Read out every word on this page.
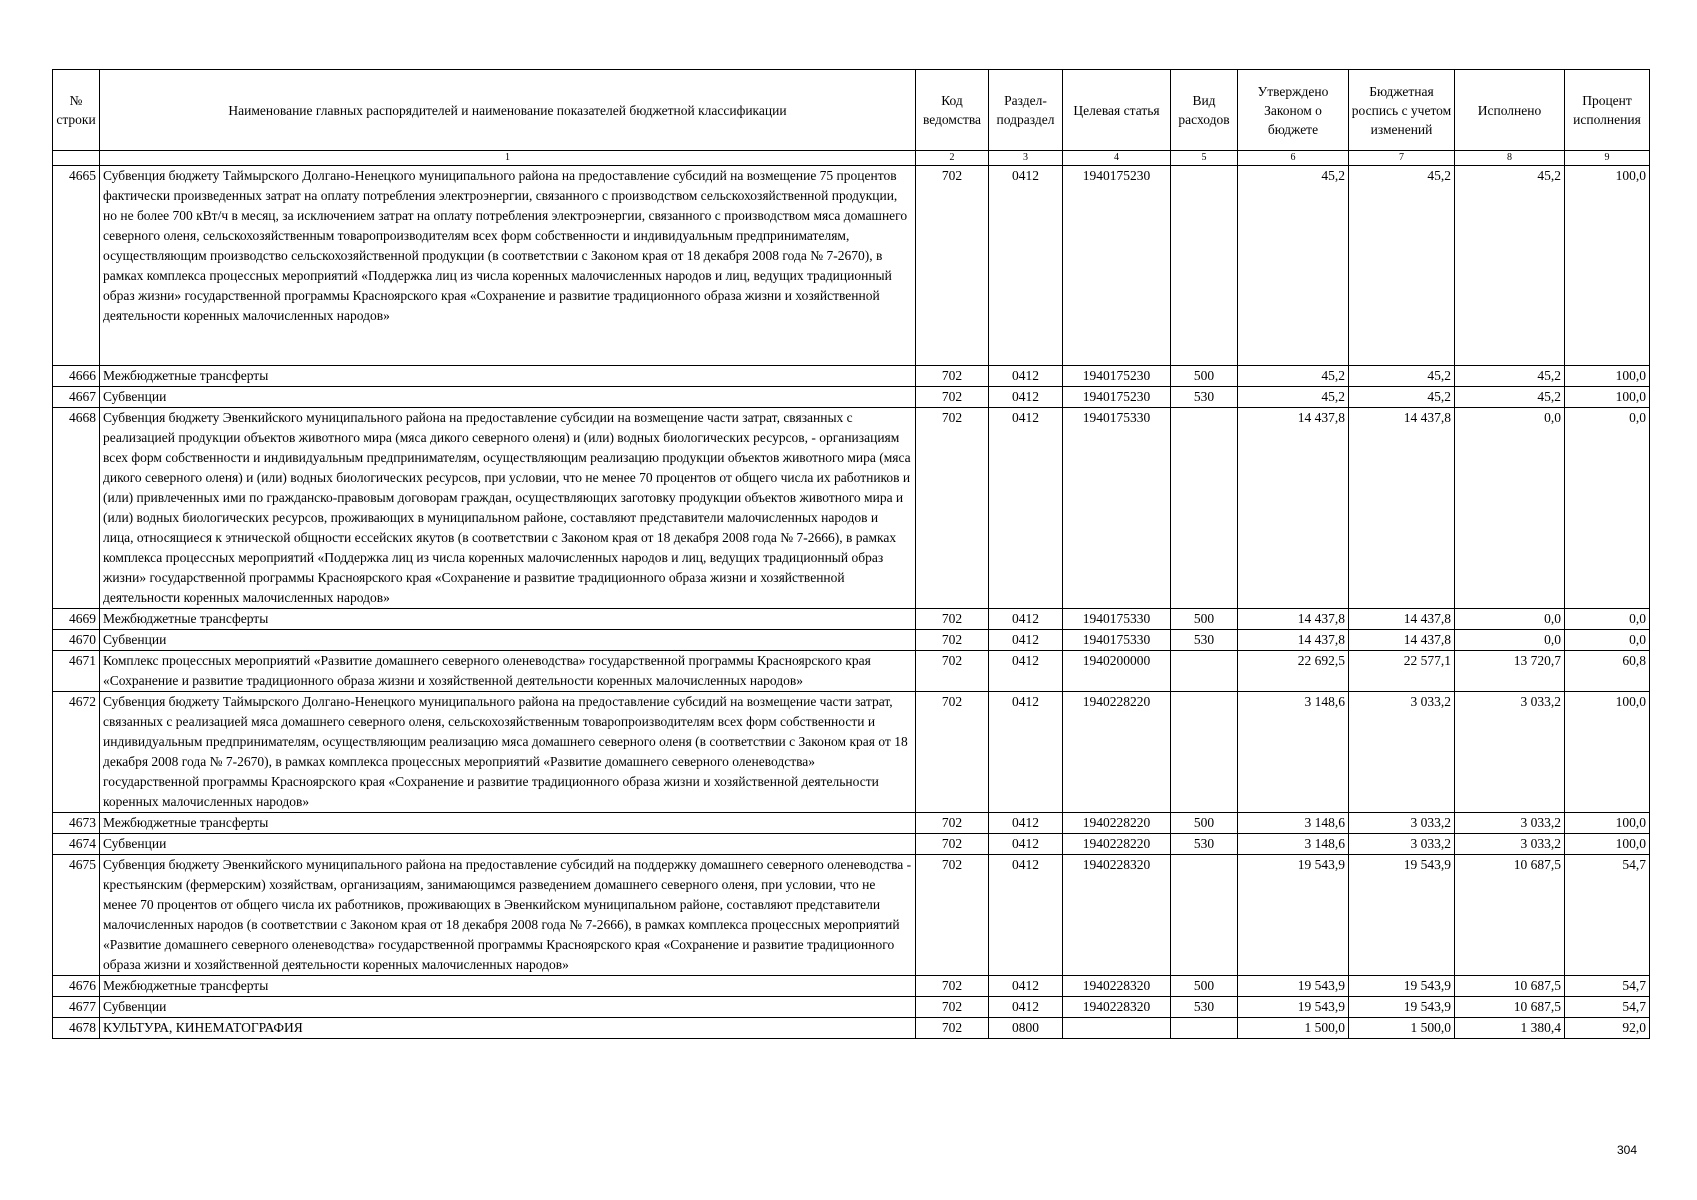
№ строки	Наименование главных распорядителей и наименование показателей бюджетной классификации	Код ведомства	Раздел-подраздел	Целевая статья	Вид расходов	Утверждено Законом о бюджете	Бюджетная роспись с учетом изменений	Исполнено	Процент исполнения
	1	2	3	4	5	6	7	8	9
4665	Субвенция бюджету Таймырского Долгано-Ненецкого муниципального района на предоставление субсидий на возмещение 75 процентов фактически произведенных затрат на оплату потребления электроэнергии, связанного с производством сельскохозяйственной продукции, но не более 700 кВт/ч в месяц, за исключением затрат на оплату потребления электроэнергии, связанного с производством мяса домашнего северного оленя, сельскохозяйственным товаропроизводителям всех форм собственности и индивидуальным предпринимателям, осуществляющим производство сельскохозяйственной продукции (в соответствии с Законом края от 18 декабря 2008 года № 7-2670), в рамках комплекса процессных мероприятий «Поддержка лиц из числа коренных малочисленных народов и лиц, ведущих традиционный образ жизни» государственной программы Красноярского края «Сохранение и развитие традиционного образа жизни и хозяйственной деятельности коренных малочисленных народов»	702	0412	1940175230		45,2	45,2	45,2	100,0
4666	Межбюджетные трансферты	702	0412	1940175230	500	45,2	45,2	45,2	100,0
4667	Субвенции	702	0412	1940175230	530	45,2	45,2	45,2	100,0
4668	Субвенция бюджету Эвенкийского муниципального района на предоставление субсидии на возмещение части затрат, связанных с реализацией продукции объектов животного мира (мяса дикого северного оленя) и (или) водных биологических ресурсов, - организациям всех форм собственности и индивидуальным предпринимателям, осуществляющим реализацию продукции объектов животного мира (мяса дикого северного оленя) и (или) водных биологических ресурсов, при условии, что не менее 70 процентов от общего числа их работников и (или) привлеченных ими по гражданско-правовым договорам граждан, осуществляющих заготовку продукции объектов животного мира и (или) водных биологических ресурсов, проживающих в муниципальном районе, составляют представители малочисленных народов и лица, относящиеся к этнической общности ессейских якутов (в соответствии с Законом края от 18 декабря 2008 года № 7-2666), в рамках комплекса процессных мероприятий «Поддержка лиц из числа коренных малочисленных народов и лиц, ведущих традиционный образ жизни» государственной программы Красноярского края «Сохранение и развитие традиционного образа жизни и хозяйственной деятельности коренных малочисленных народов»	702	0412	1940175330		14 437,8	14 437,8	0,0	0,0
4669	Межбюджетные трансферты	702	0412	1940175330	500	14 437,8	14 437,8	0,0	0,0
4670	Субвенции	702	0412	1940175330	530	14 437,8	14 437,8	0,0	0,0
4671	Комплекс процессных мероприятий «Развитие домашнего северного оленеводства» государственной программы Красноярского края «Сохранение и развитие традиционного образа жизни и хозяйственной деятельности коренных малочисленных народов»	702	0412	1940200000		22 692,5	22 577,1	13 720,7	60,8
4672	Субвенция бюджету Таймырского Долгано-Ненецкого муниципального района на предоставление субсидий на возмещение части затрат, связанных с реализацией мяса домашнего северного оленя, сельскохозяйственным товаропроизводителям всех форм собственности и индивидуальным предпринимателям, осуществляющим реализацию мяса домашнего северного оленя (в соответствии с Законом края от 18 декабря 2008 года № 7-2670), в рамках комплекса процессных мероприятий «Развитие домашнего северного оленеводства» государственной программы Красноярского края «Сохранение и развитие традиционного образа жизни и хозяйственной деятельности коренных малочисленных народов»	702	0412	1940228220		3 148,6	3 033,2	3 033,2	100,0
4673	Межбюджетные трансферты	702	0412	1940228220	500	3 148,6	3 033,2	3 033,2	100,0
4674	Субвенции	702	0412	1940228220	530	3 148,6	3 033,2	3 033,2	100,0
4675	Субвенция бюджету Эвенкийского муниципального района на предоставление субсидий на поддержку домашнего северного оленеводства - крестьянским (фермерским) хозяйствам, организациям, занимающимся разведением домашнего северного оленя, при условии, что не менее 70 процентов от общего числа их работников, проживающих в Эвенкийском муниципальном районе, составляют представители малочисленных народов (в соответствии с Законом края от 18 декабря 2008 года № 7-2666), в рамках комплекса процессных мероприятий «Развитие домашнего северного оленеводства» государственной программы Красноярского края «Сохранение и развитие традиционного образа жизни и хозяйственной деятельности коренных малочисленных народов»	702	0412	1940228320		19 543,9	19 543,9	10 687,5	54,7
4676	Межбюджетные трансферты	702	0412	1940228320	500	19 543,9	19 543,9	10 687,5	54,7
4677	Субвенции	702	0412	1940228320	530	19 543,9	19 543,9	10 687,5	54,7
4678	КУЛЬТУРА, КИНЕМАТОГРАФИЯ	702	0800			1 500,0	1 500,0	1 380,4	92,0
304
